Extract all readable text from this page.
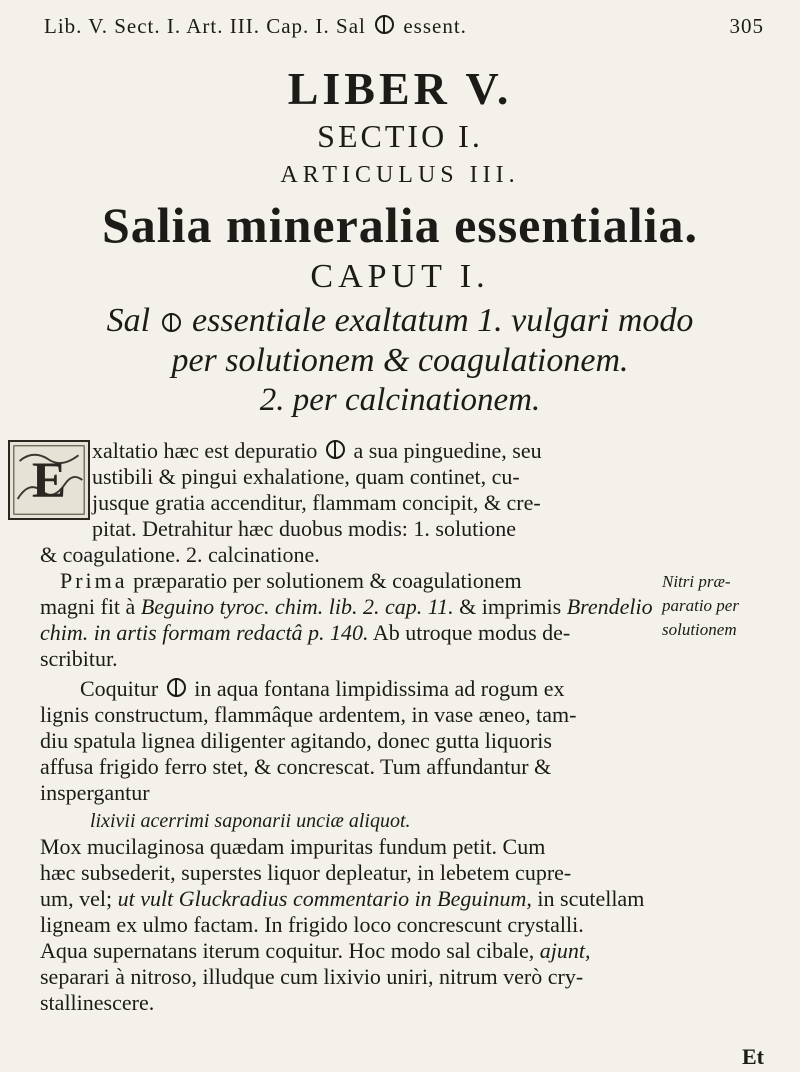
Lib. V. Sect. I. Art. III. Cap. I. Sal essent.	305
LIBER V.
SECTIO I.
ARTICULUS III.
Salia mineralia essentialia.
CAPUT I.
Sal essentiale exaltatum 1. vulgari modo
per solutionem & coagulationem.
2. per calcinationem.
E
xaltatio hæc est depuratio a sua pinguedine, seu
ustibili & pingui exhalatione, quam continet, cu-
jusque gratia accenditur, flammam concipit, & cre-
pitat. Detrahitur hæc duobus modis: 1. solutione
& coagulatione. 2. calcinatione.
Prima præparatio per solutionem & coagulationem
magni fit à Beguino tyroc. chim. lib. 2. cap. 11. & imprimis Brendelio
chim. in artis formam redactâ p. 140. Ab utroque modus de-
scribitur.
Nitri præ-
paratio per
solutionem
Coquitur in aqua fontana limpidissima ad rogum ex
lignis constructum, flammâque ardentem, in vase æneo, tam-
diu spatula lignea diligenter agitando, donec gutta liquoris
affusa frigido ferro stet, & concrescat. Tum affundantur &
inspergantur
lixivii acerrimi saponarii unciæ aliquot.
Mox mucilaginosa quædam impuritas fundum petit. Cum
hæc subsederit, superstes liquor depleatur, in lebetem cupre-
um, vel; ut vult Gluckradius commentario in Beguinum, in scutellam
ligneam ex ulmo factam. In frigido loco concrescunt crystalli.
Aqua supernatans iterum coquitur. Hoc modo sal cibale, ajunt,
separari à nitroso, illudque cum lixivio uniri, nitrum verò cry-
stallinescere.
Et
